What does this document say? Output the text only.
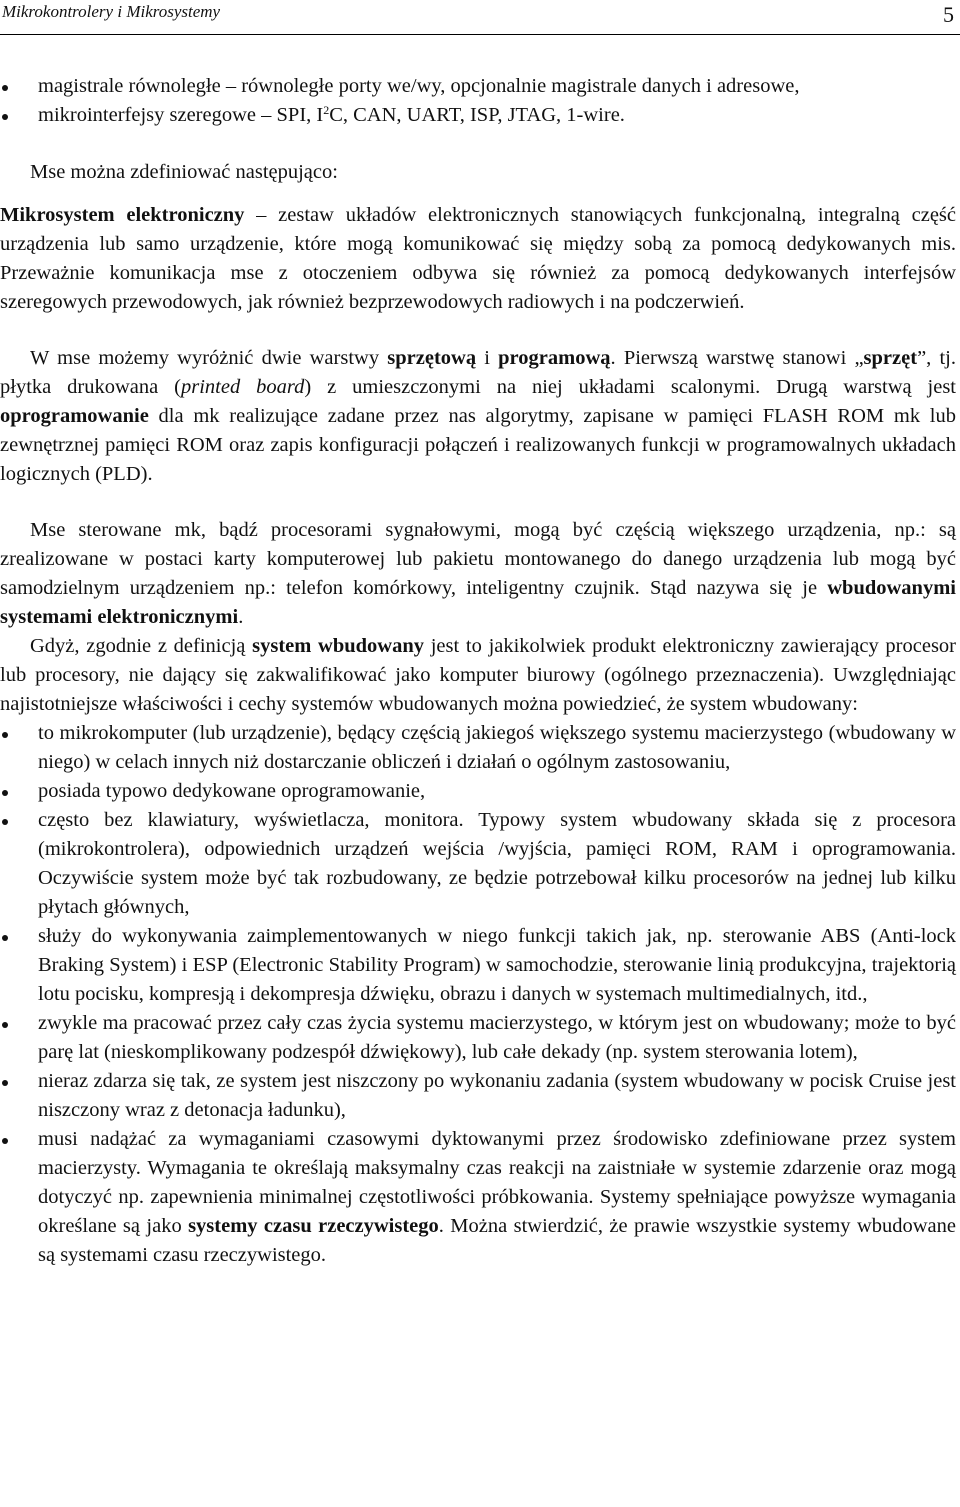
Mikrokontrolery i Mikrosystemy	5
magistrale równoległe – równoległe porty we/wy, opcjonalnie magistrale danych i adresowe,
mikrointerfejsy szeregowe – SPI, $I^2C$, CAN, UART, ISP, JTAG, 1-wire.

Mse można zdefiniować następująco:

Mikrosystem elektroniczny – zestaw układów elektronicznych stanowiących funkcjonalną, integralną część urządzenia lub samo urządzenie, które mogą komunikować się między sobą za pomocą dedykowanych mis. Przeważnie komunikacja mse z otoczeniem odbywa się również za pomocą dedykowanych interfejsów szeregowych przewodowych, jak również bezprzewodowych radiowych i na podczerwień.

W mse możemy wyróżnić dwie warstwy sprzętową i programową. Pierwszą warstwę stanowi „sprzęt”, tj. płytka drukowana (printed board) z umieszczonymi na niej układami scalonymi. Drugą warstwą jest oprogramowanie dla mk realizujące zadane przez nas algorytmy, zapisane w pamięci FLASH ROM mk lub zewnętrznej pamięci ROM oraz zapis konfiguracji połączeń i realizowanych funkcji w programowalnych układach logicznych (PLD).

Mse sterowane mk, bądź procesorami sygnałowymi, mogą być częścią większego urządzenia, np.: są zrealizowane w postaci karty komputerowej lub pakietu montowanego do danego urządzenia lub mogą być samodzielnym urządzeniem np.: telefon komórkowy, inteligentny czujnik. Stąd nazywa się je wbudowanymi systemami elektronicznymi.

Gdyż, zgodnie z definicją system wbudowany jest to jakikolwiek produkt elektroniczny zawierający procesor lub procesory, nie dający się zakwalifikować jako komputer biurowy (ogólnego przeznaczenia). Uwzględniając najistotniejsze właściwości i cechy systemów wbudowanych można powiedzieć, że system wbudowany:

to mikrokomputer (lub urządzenie), będący częścią jakiegoś większego systemu macierzystego (wbudowany w niego) w celach innych niż dostarczanie obliczeń i działań o ogólnym zastosowaniu,
posiada typowo dedykowane oprogramowanie,
często bez klawiatury, wyświetlacza, monitora. Typowy system wbudowany składa się z procesora (mikrokontrolera), odpowiednich urządzeń wejścia /wyjścia, pamięci ROM, RAM i oprogramowania. Oczywiście system może być tak rozbudowany, ze będzie potrzebował kilku procesorów na jednej lub kilku płytach głównych,
służy do wykonywania zaimplementowanych w niego funkcji takich jak, np. sterowanie ABS (Anti-lock Braking System) i ESP (Electronic Stability Program) w samochodzie, sterowanie linią produkcyjna, trajektorią lotu pocisku, kompresją i dekompresja dźwięku, obrazu i danych w systemach multimedialnych, itd.,
zwykle ma pracować przez cały czas życia systemu macierzystego, w którym jest on wbudowany; może to być parę lat (nieskomplikowany podzespół dźwiękowy), lub całe dekady (np. system sterowania lotem),
nieraz zdarza się tak, ze system jest niszczony po wykonaniu zadania (system wbudowany w pocisk Cruise jest niszczony wraz z detonacja ładunku),
musi nadążać za wymaganiami czasowymi dyktowanymi przez środowisko zdefiniowane przez system macierzysty. Wymagania te określają maksymalny czas reakcji na zaistniałe w systemie zdarzenie oraz mogą dotyczyć np. zapewnienia minimalnej częstotliwości próbkowania. Systemy spełniające powyższe wymagania określane są jako systemy czasu rzeczywistego. Można stwierdzić, że prawie wszystkie systemy wbudowane są systemami czasu rzeczywistego.
